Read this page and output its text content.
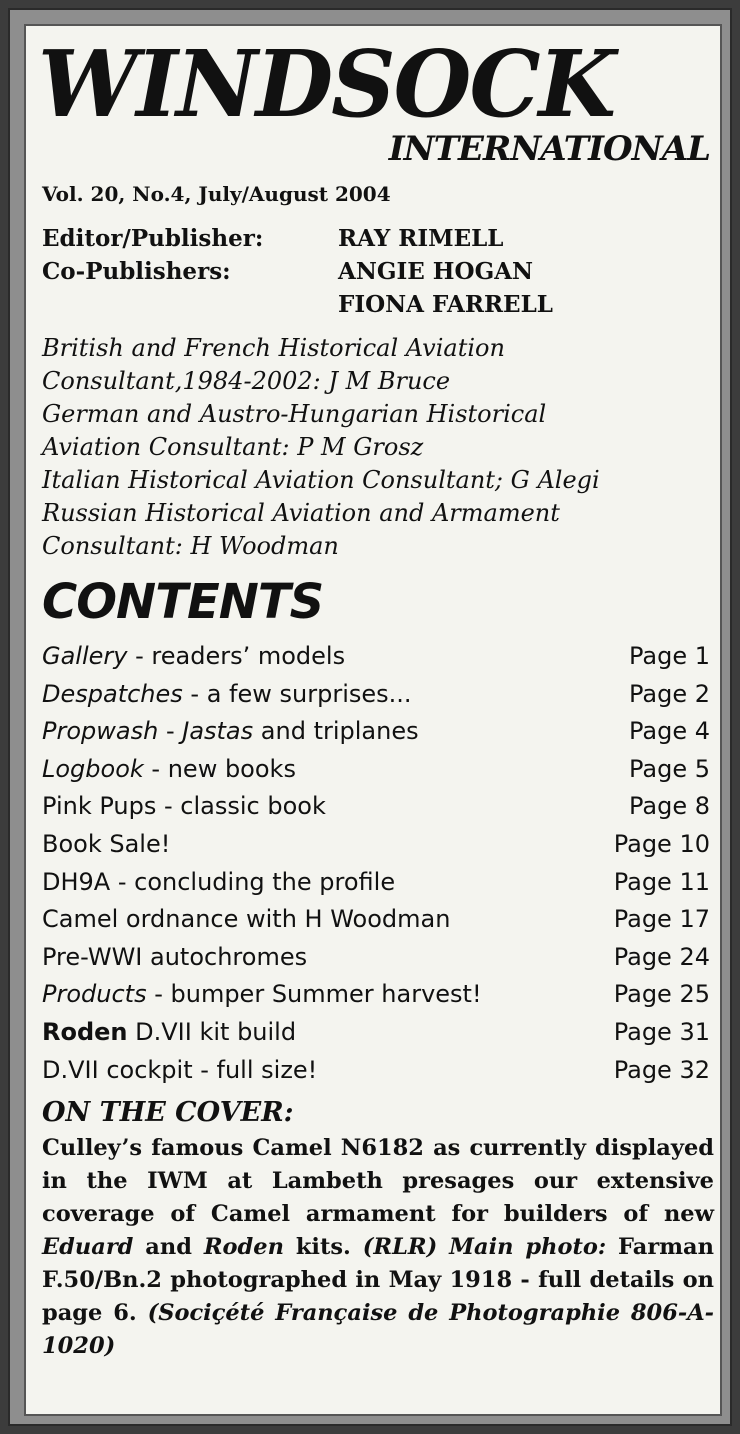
WINDSOCK
INTERNATIONAL
Vol. 20, No.4, July/August 2004
Editor/Publisher:	RAY RIMELL
Co-Publishers:	ANGIE HOGAN
FIONA FARRELL
British and French Historical Aviation
Consultant,1984-2002: J M Bruce
German and Austro-Hungarian Historical
Aviation Consultant: P M Grosz
Italian Historical Aviation Consultant; G Alegi
Russian Historical Aviation and Armament
Consultant: H Woodman
CONTENTS
Gallery - readers’ models	Page 1
Despatches - a few surprises...	Page 2
Propwash - Jastas and triplanes	Page 4
Logbook - new books	Page 5
Pink Pups - classic book	Page 8
Book Sale!	Page 10
DH9A - concluding the profile	Page 11
Camel ordnance with H Woodman	Page 17
Pre-WWI autochromes	Page 24
Products - bumper Summer harvest!	Page 25
Roden D.VII kit build	Page 31
D.VII cockpit - full size!	Page 32
ON THE COVER:
Culley’s famous Camel N6182 as currently displayed in the IWM at Lambeth presages our extensive coverage of Camel armament for builders of new Eduard and Roden kits. (RLR) Main photo: Farman F.50/Bn.2 photographed in May 1918 - full details on page 6. (Sociçété Française de Photographie 806-A-1020)
